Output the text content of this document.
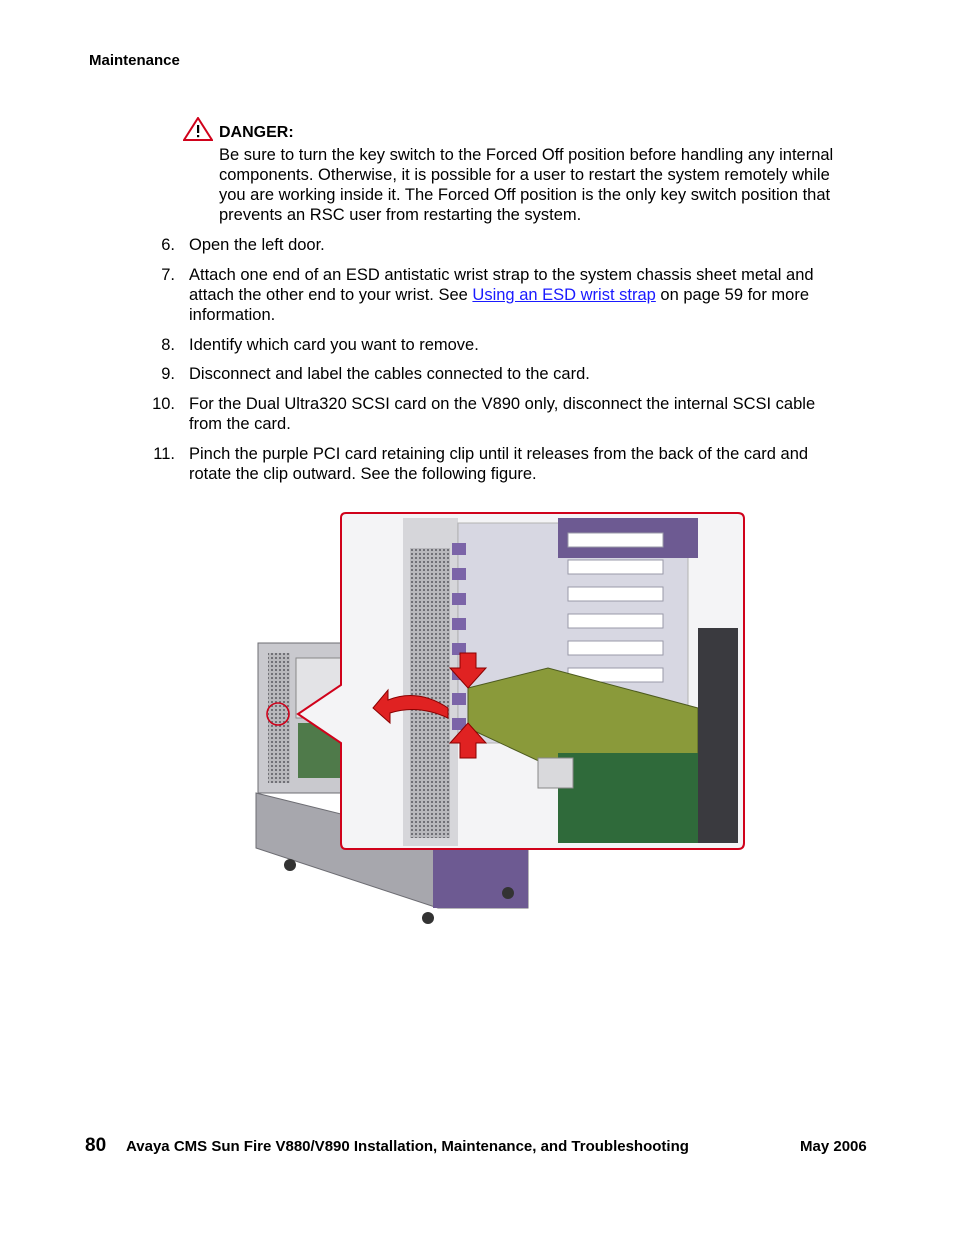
Maintenance
DANGER:
Be sure to turn the key switch to the Forced Off position before handling any internal components. Otherwise, it is possible for a user to restart the system remotely while you are working inside it. The Forced Off position is the only key switch position that prevents an RSC user from restarting the system.
6. Open the left door.
7. Attach one end of an ESD antistatic wrist strap to the system chassis sheet metal and attach the other end to your wrist. See Using an ESD wrist strap on page 59 for more information.
8. Identify which card you want to remove.
9. Disconnect and label the cables connected to the card.
10. For the Dual Ultra320 SCSI card on the V890 only, disconnect the internal SCSI cable from the card.
11. Pinch the purple PCI card retaining clip until it releases from the back of the card and rotate the clip outward. See the following figure.
80 Avaya CMS Sun Fire V880/V890 Installation, Maintenance, and Troubleshooting	May 2006
